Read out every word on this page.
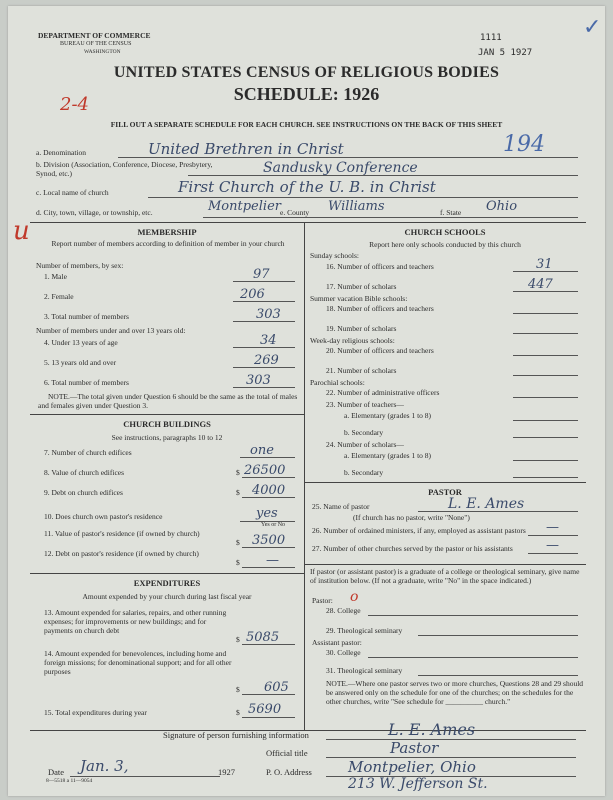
DEPARTMENT OF COMMERCE
BUREAU OF THE CENSUS
WASHINGTON
1111
JAN 5 1927
✓
UNITED STATES CENSUS OF RELIGIOUS BODIES
SCHEDULE: 1926
2-4
FILL OUT A SEPARATE SCHEDULE FOR EACH CHURCH. SEE INSTRUCTIONS ON THE BACK OF THIS SHEET
a. Denomination	United Brethren in Christ	194
b. Division (Association, Conference, Diocese, Presbytery, Synod, etc.)	Sandusky Conference
c. Local name of church	First Church of the U. B. in Christ
u
d. City, town, village, or township, etc.	Montpelier e. County Williams	f. State Ohio
MEMBERSHIP
Report number of members according to definition of member in your church
Number of members, by sex:
1. Male	97
2. Female	206
3. Total number of members	303
Number of members under and over 13 years old:
4. Under 13 years of age	34
5. 13 years old and over	269
6. Total number of members	303
NOTE.—The total given under Question 6 should be the same as the total of males and females given under Question 3.
CHURCH BUILDINGS
See instructions, paragraphs 10 to 12
7. Number of church edifices	one
8. Value of church edifices	$ 26500
9. Debt on church edifices	$ 4000
10. Does church own pastor's residence	yes
Yes or No
11. Value of pastor's residence (if owned by church)
$ 3500
12. Debt on pastor's residence (if owned by church)
$ —
EXPENDITURES
Amount expended by your church during last fiscal year
13. Amount expended for salaries, repairs, and other running expenses; for improvements or new buildings; and for payments on church debt
$ 5085
14. Amount expended for benevolences, including home and foreign missions; for denominational support; and for all other purposes
$ 605
15. Total expenditures during year	$ 5690
CHURCH SCHOOLS
Report here only schools conducted by this church
Sunday schools:
16. Number of officers and teachers	31
17. Number of scholars	447
Summer vacation Bible schools:
18. Number of officers and teachers
19. Number of scholars
Week-day religious schools:
20. Number of officers and teachers
21. Number of scholars
Parochial schools:
22. Number of administrative officers
23. Number of teachers—
a. Elementary (grades 1 to 8)
b. Secondary
24. Number of scholars—
a. Elementary (grades 1 to 8)
b. Secondary
PASTOR
25. Name of pastor	L. E. Ames
(If church has no pastor, write "None")
26. Number of ordained ministers, if any, employed as assistant pastors —
27. Number of other churches served by the pastor or his assistants	—
If pastor (or assistant pastor) is a graduate of a college or theological seminary, give name of institution below. (If not a graduate, write "No" in the space indicated.)
Pastor: o
28. College
29. Theological seminary
Assistant pastor:
30. College
31. Theological seminary
NOTE.—Where one pastor serves two or more churches, Questions 28 and 29 should be answered only on the schedule for one of the churches; on the schedules for the other churches, write "See schedule for __________ church."
Signature of person furnishing information	L. E. Ames
Official title	Pastor
Date Jan. 3,	1927	P. O. Address Montpelier, Ohio
213 W. Jefferson St.
8—5518 a 11—9054
